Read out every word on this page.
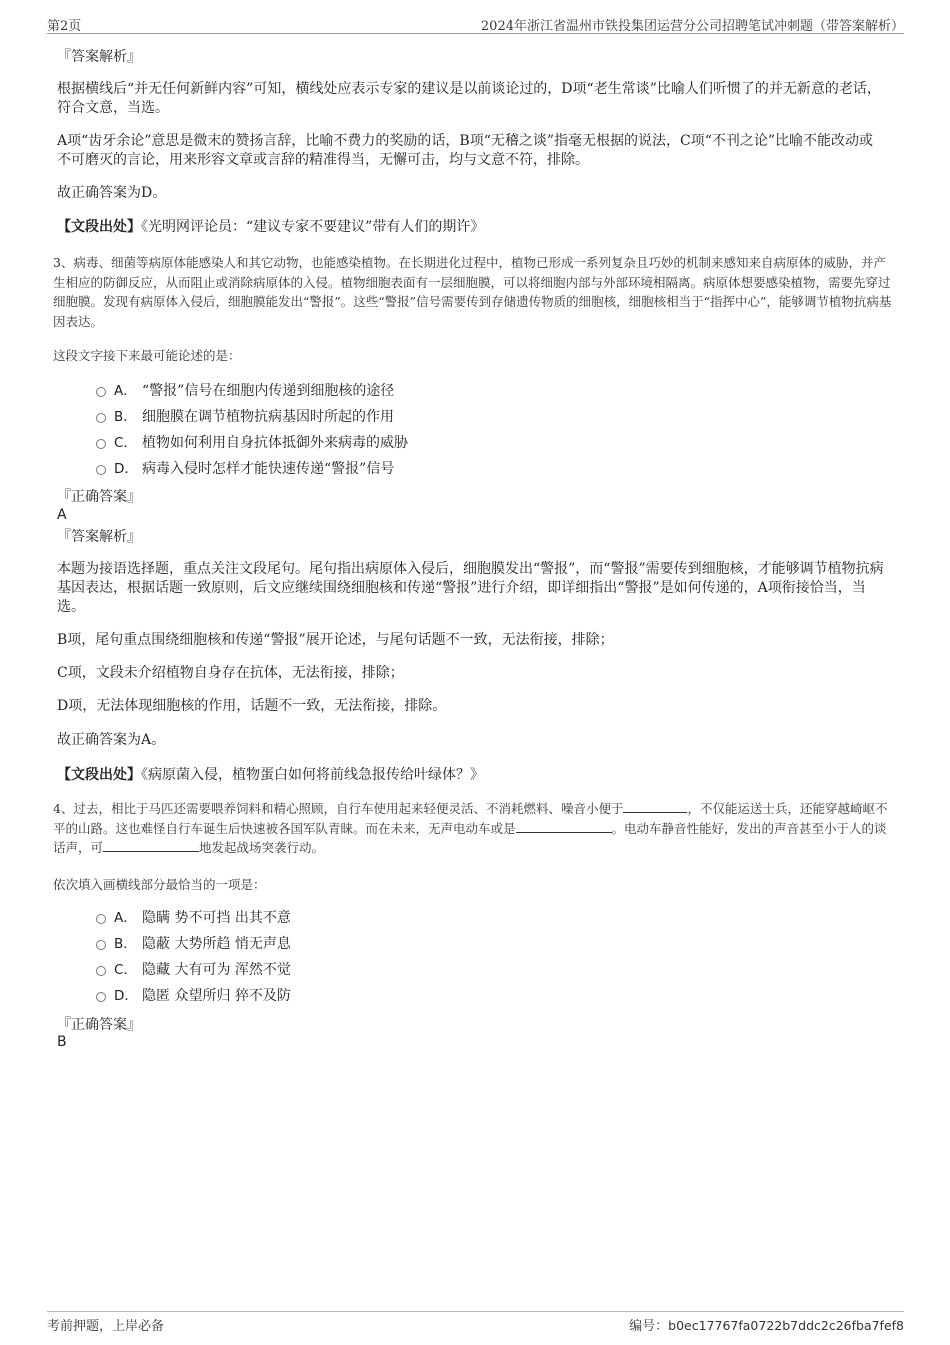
第2页	2024年浙江省温州市铁投集团运营分公司招聘笔试冲刺题（带答案解析）
『答案解析』
根据横线后“并无任何新鲜内容”可知，横线处应表示专家的建议是以前谈论过的，D项“老生常谈”比喻人们听惯了的并无新意的老话，符合文意，当选。
A项“齿牙余论”意思是微末的赞扬言辞，比喻不费力的奖励的话，B项“无稽之谈”指毫无根据的说法，C项“不刊之论”比喻不能改动或不可磨灭的言论，用来形容文章或言辞的精准得当，无懈可击，均与文意不符，排除。
故正确答案为D。
【文段出处】《光明网评论员：“建议专家不要建议”带有人们的期许》
3、病毒、细菌等病原体能感染人和其它动物，也能感染植物。在长期进化过程中，植物已形成一系列复杂且巧妙的机制来感知来自病原体的威胁，并产生相应的防御反应，从而阻止或消除病原体的入侵。植物细胞表面有一层细胞膜，可以将细胞内部与外部环境相隔离。病原体想要感染植物，需要先穿过细胞膜。发现有病原体入侵后，细胞膜能发出“警报”。这些“警报”信号需要传到存储遗传物质的细胞核，细胞核相当于“指挥中心”，能够调节植物抗病基因表达。
这段文字接下来最可能论述的是：
A． “警报”信号在细胞内传递到细胞核的途径
B． 细胞膜在调节植物抗病基因时所起的作用
C． 植物如何利用自身抗体抵御外来病毒的威胁
D． 病毒入侵时怎样才能快速传递“警报”信号
『正确答案』
A
『答案解析』
本题为接语选择题，重点关注文段尾句。尾句指出病原体入侵后，细胞膜发出“警报”，而“警报”需要传到细胞核，才能够调节植物抗病基因表达，根据话题一致原则，后文应继续围绕细胞核和传递“警报”进行介绍，即详细指出“警报”是如何传递的，A项衔接恰当，当选。
B项，尾句重点围绕细胞核和传递“警报”展开论述，与尾句话题不一致，无法衔接，排除；
C项，文段未介绍植物自身存在抗体，无法衔接，排除；
D项，无法体现细胞核的作用，话题不一致，无法衔接，排除。
故正确答案为A。
【文段出处】《病原菌入侵，植物蛋白如何将前线急报传给叶绿体？》
4、过去，相比于马匹还需要喂养饲料和精心照顾，自行车使用起来轻便灵活、不消耗燃料、噪音小便于	，不仅能运送士兵，还能穿越崎岖不平的山路。这也难怪自行车诞生后快速被各国军队青睐。而在未来，无声电动车或是	。电动车静音性能好，发出的声音甚至小于人的谈话声，可	地发起战场突袭行动。
依次填入画横线部分最恰当的一项是：
A． 隐瞒 势不可挡 出其不意
B． 隐蔽 大势所趋 悄无声息
C． 隐藏 大有可为 浑然不觉
D． 隐匿 众望所归 猝不及防
『正确答案』
B
考前押题，上岸必备	编号：b0ec17767fa0722b7ddc2c26fba7fef8
